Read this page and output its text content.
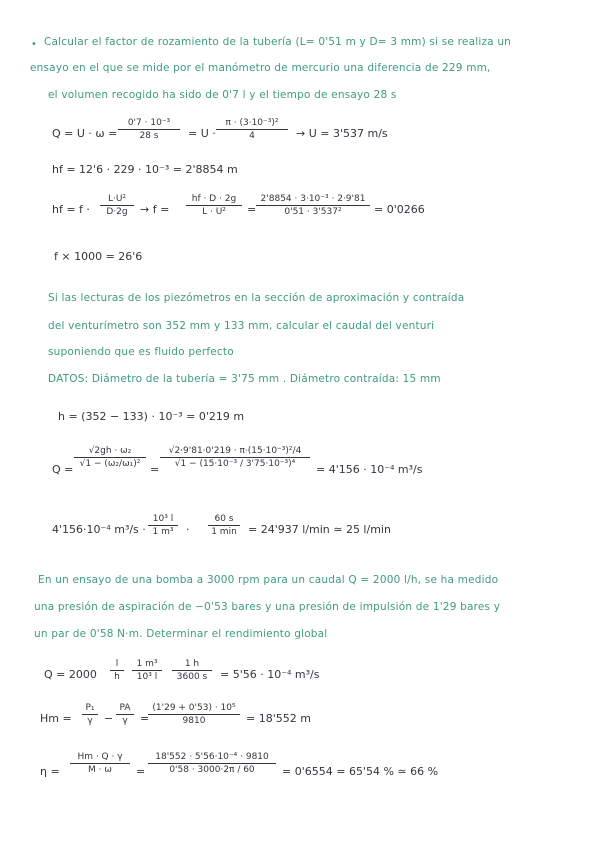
• Calcular el factor de rozamiento de la tubería (L= 0'51 m y D= 3 mm) si se realiza un
ensayo en el que se mide por el manómetro de mercurio una diferencia de 229 mm,
el volumen recogido ha sido de 0'7 l y el tiempo de ensayo 28 s
Q = U · ω =
0'7 · 10⁻³
28 s	= U ·
π · (3·10⁻³)²
4	→ U = 3'537 m/s
hf = 12'6 · 229 · 10⁻³ = 2'8854 m
hf = f ·
L·U²
D·2g	→ f =
hf · D · 2g
L · U²	=
2'8854 · 3·10⁻³ · 2·9'81
0'51 · 3'537²	= 0'0266
f × 1000 = 26'6
Si las lecturas de los piezómetros en la sección de aproximación y contraída
del venturímetro son 352 mm y 133 mm, calcular el caudal del venturi
suponiendo que es fluido perfecto
DATOS: Diámetro de la tubería = 3'75 mm . Diámetro contraída: 15 mm
h = (352 − 133) · 10⁻³ = 0'219 m
Q =
√2gh · ω₂
√1 − (ω₂/ω₁)² =
√2·9'81·0'219 · π·(15·10⁻³)²/4
√1 − (15·10⁻³ / 3'75·10⁻³)⁴	= 4'156 · 10⁻⁴ m³/s
4'156·10⁻⁴ m³/s ·
10³ l
1 m³	·
60 s
1 min = 24'937 l/min ≃ 25 l/min
En un ensayo de una bomba a 3000 rpm para un caudal Q = 2000 l/h, se ha medido
una presión de aspiración de −0'53 bares y una presión de impulsión de 1'29 bares y
un par de 0'58 N·m. Determinar el rendimiento global
Q = 2000
l
h
1 m³
10³ l
1 h
3600 s	= 5'56 · 10⁻⁴ m³/s
Hm =
P₁
γ	−
PA
γ	=
(1'29 + 0'53) · 10⁵
9810	= 18'552 m
η =
Hm · Q · γ
M · ω	=
18'552 · 5'56·10⁻⁴ · 9810
0'58 · 3000·2π / 60	= 0'6554 = 65'54 % ≃ 66 %
